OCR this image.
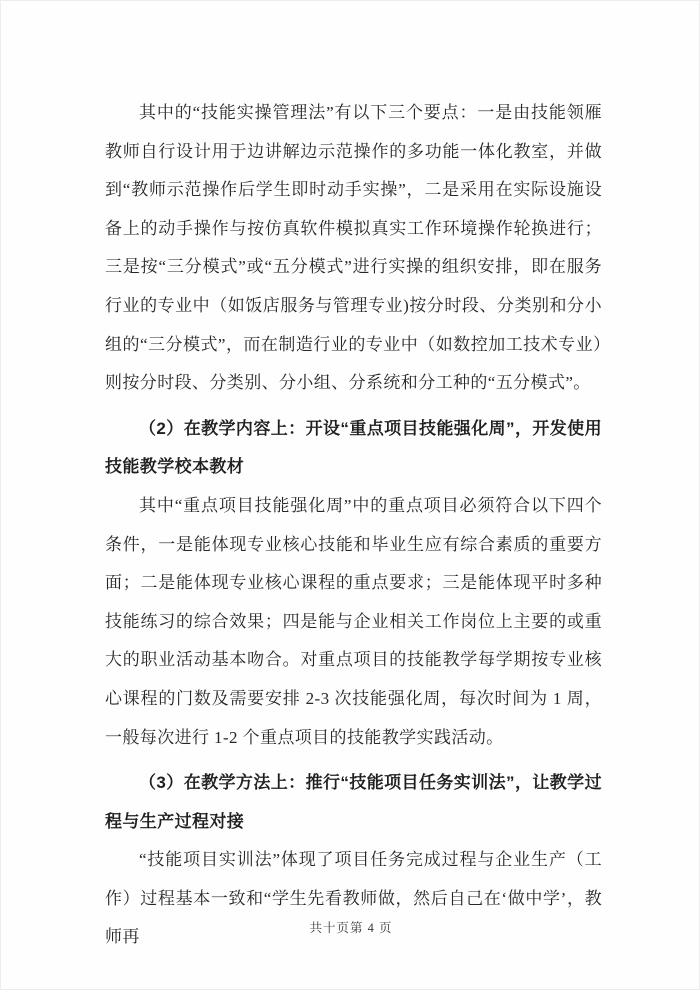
其中的“技能实操管理法”有以下三个要点：一是由技能领雁教师自行设计用于边讲解边示范操作的多功能一体化教室，并做到“教师示范操作后学生即时动手实操”，二是采用在实际设施设备上的动手操作与按仿真软件模拟真实工作环境操作轮换进行；三是按“三分模式”或“五分模式”进行实操的组织安排，即在服务行业的专业中（如饭店服务与管理专业)按分时段、分类别和分小组的“三分模式”，而在制造行业的专业中（如数控加工技术专业）则按分时段、分类别、分小组、分系统和分工种的“五分模式”。

（2）在教学内容上：开设“重点项目技能强化周”，开发使用技能教学校本教材

其中“重点项目技能强化周”中的重点项目必须符合以下四个条件，一是能体现专业核心技能和毕业生应有综合素质的重要方面；二是能体现专业核心课程的重点要求；三是能体现平时多种技能练习的综合效果；四是能与企业相关工作岗位上主要的或重大的职业活动基本吻合。对重点项目的技能教学每学期按专业核心课程的门数及需要安排 2-3 次技能强化周，每次时间为 1 周，一般每次进行 1-2 个重点项目的技能教学实践活动。

（3）在教学方法上：推行“技能项目任务实训法”，让教学过程与生产过程对接

“技能项目实训法”体现了项目任务完成过程与企业生产（工作）过程基本一致和“学生先看教师做，然后自己在‘做中学’，教师再	共十页第 4 页
